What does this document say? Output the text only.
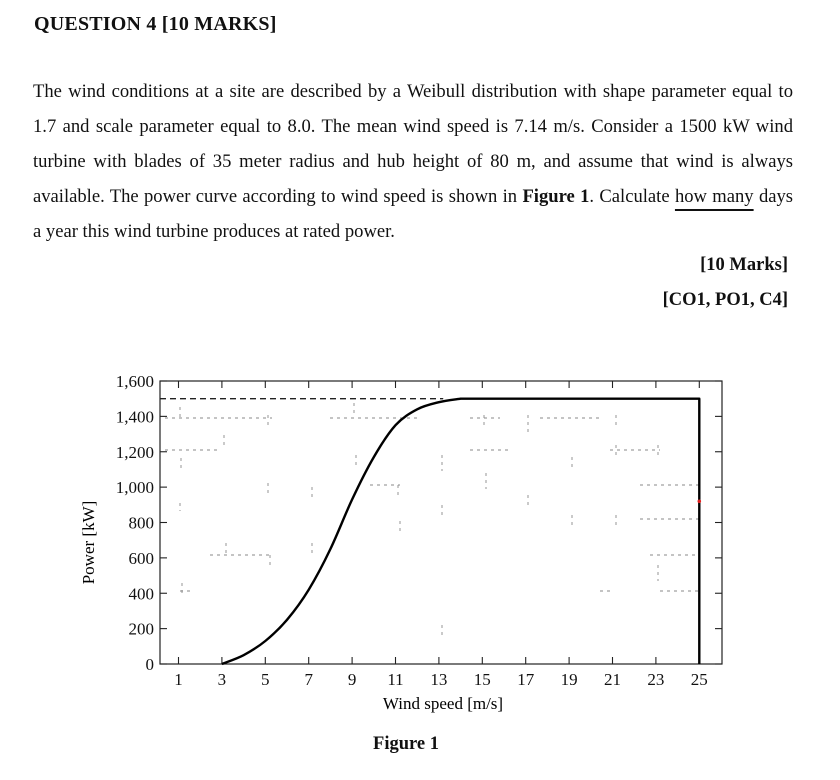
QUESTION 4 [10 MARKS]
The wind conditions at a site are described by a Weibull distribution with shape parameter equal to 1.7 and scale parameter equal to 8.0. The mean wind speed is 7.14 m/s. Consider a 1500 kW wind turbine with blades of 35 meter radius and hub height of 80 m, and assume that wind is always available. The power curve according to wind speed is shown in Figure 1. Calculate how many days a year this wind turbine produces at rated power.
[10 Marks]
[CO1, PO1, C4]
0
200
400
600
800
1,000
1,200
1,400
1,600
1 3 5 7 9 11 13 15 17 19 21 23 25
Wind speed [m/s]
Power [kW]
Figure 1
